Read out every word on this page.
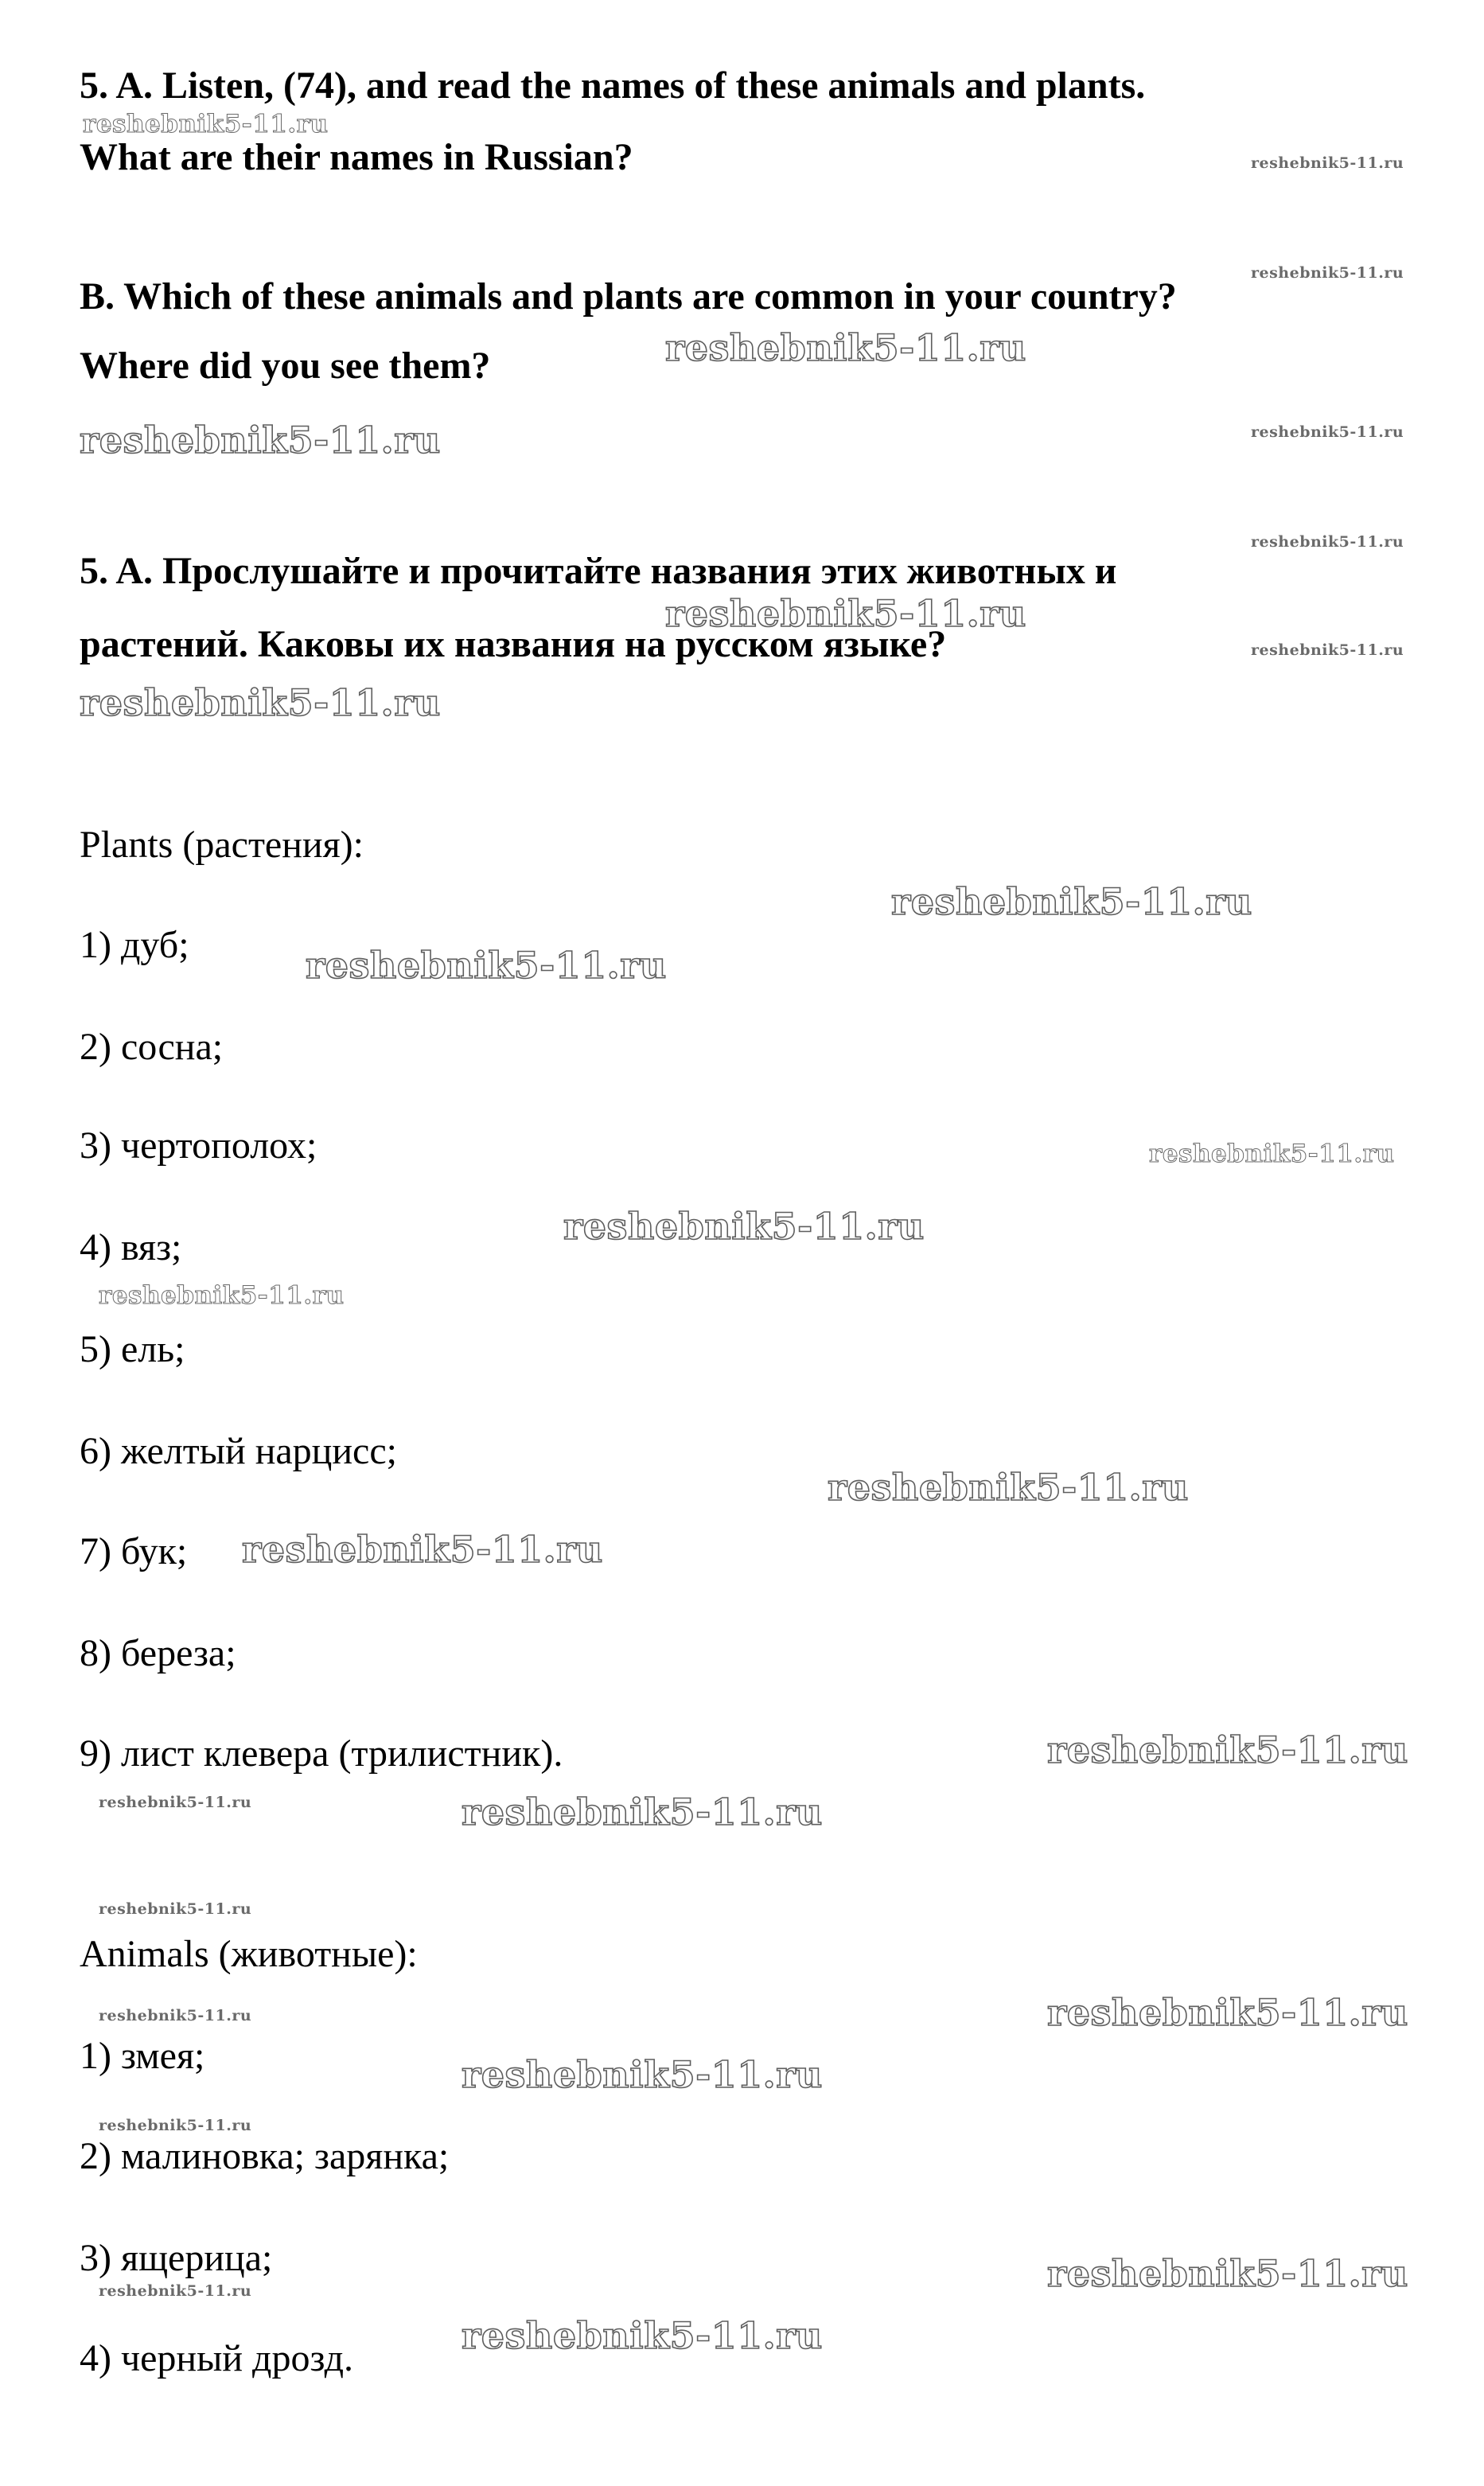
5. A. Listen, (74), and read the names of these animals and plants.
What are their names in Russian?
B. Which of these animals and plants are common in your country?
Where did you see them?
5. A. Прослушайте и прочитайте названия этих животных и
растений. Каковы их названия на русском языке?
Plants (растения):
1) дуб;
2) сосна;
3) чертополох;
4) вяз;
5) ель;
6) желтый нарцисс;
7) бук;
8) береза;
9) лист клевера (трилистник).
Animals (животные):
1) змея;
2) малиновка; зарянка;
3) ящерица;
4) черный дрозд.
reshebnik5-11.ru
reshebnik5-11.ru
reshebnik5-11.ru
reshebnik5-11.ru
reshebnik5-11.ru	reshebnik5-11.ru
reshebnik5-11.ru
reshebnik5-11.ru
reshebnik5-11.ru
reshebnik5-11.ru
reshebnik5-11.ru
reshebnik5-11.ru
reshebnik5-11.ru
reshebnik5-11.ru
reshebnik5-11.ru
reshebnik5-11.ru
reshebnik5-11.ru
reshebnik5-11.ru
reshebnik5-11.ru	reshebnik5-11.ru
reshebnik5-11.ru
reshebnik5-11.ru
reshebnik5-11.ru
reshebnik5-11.ru
reshebnik5-11.ru
reshebnik5-11.ru
reshebnik5-11.ru
reshebnik5-11.ru
